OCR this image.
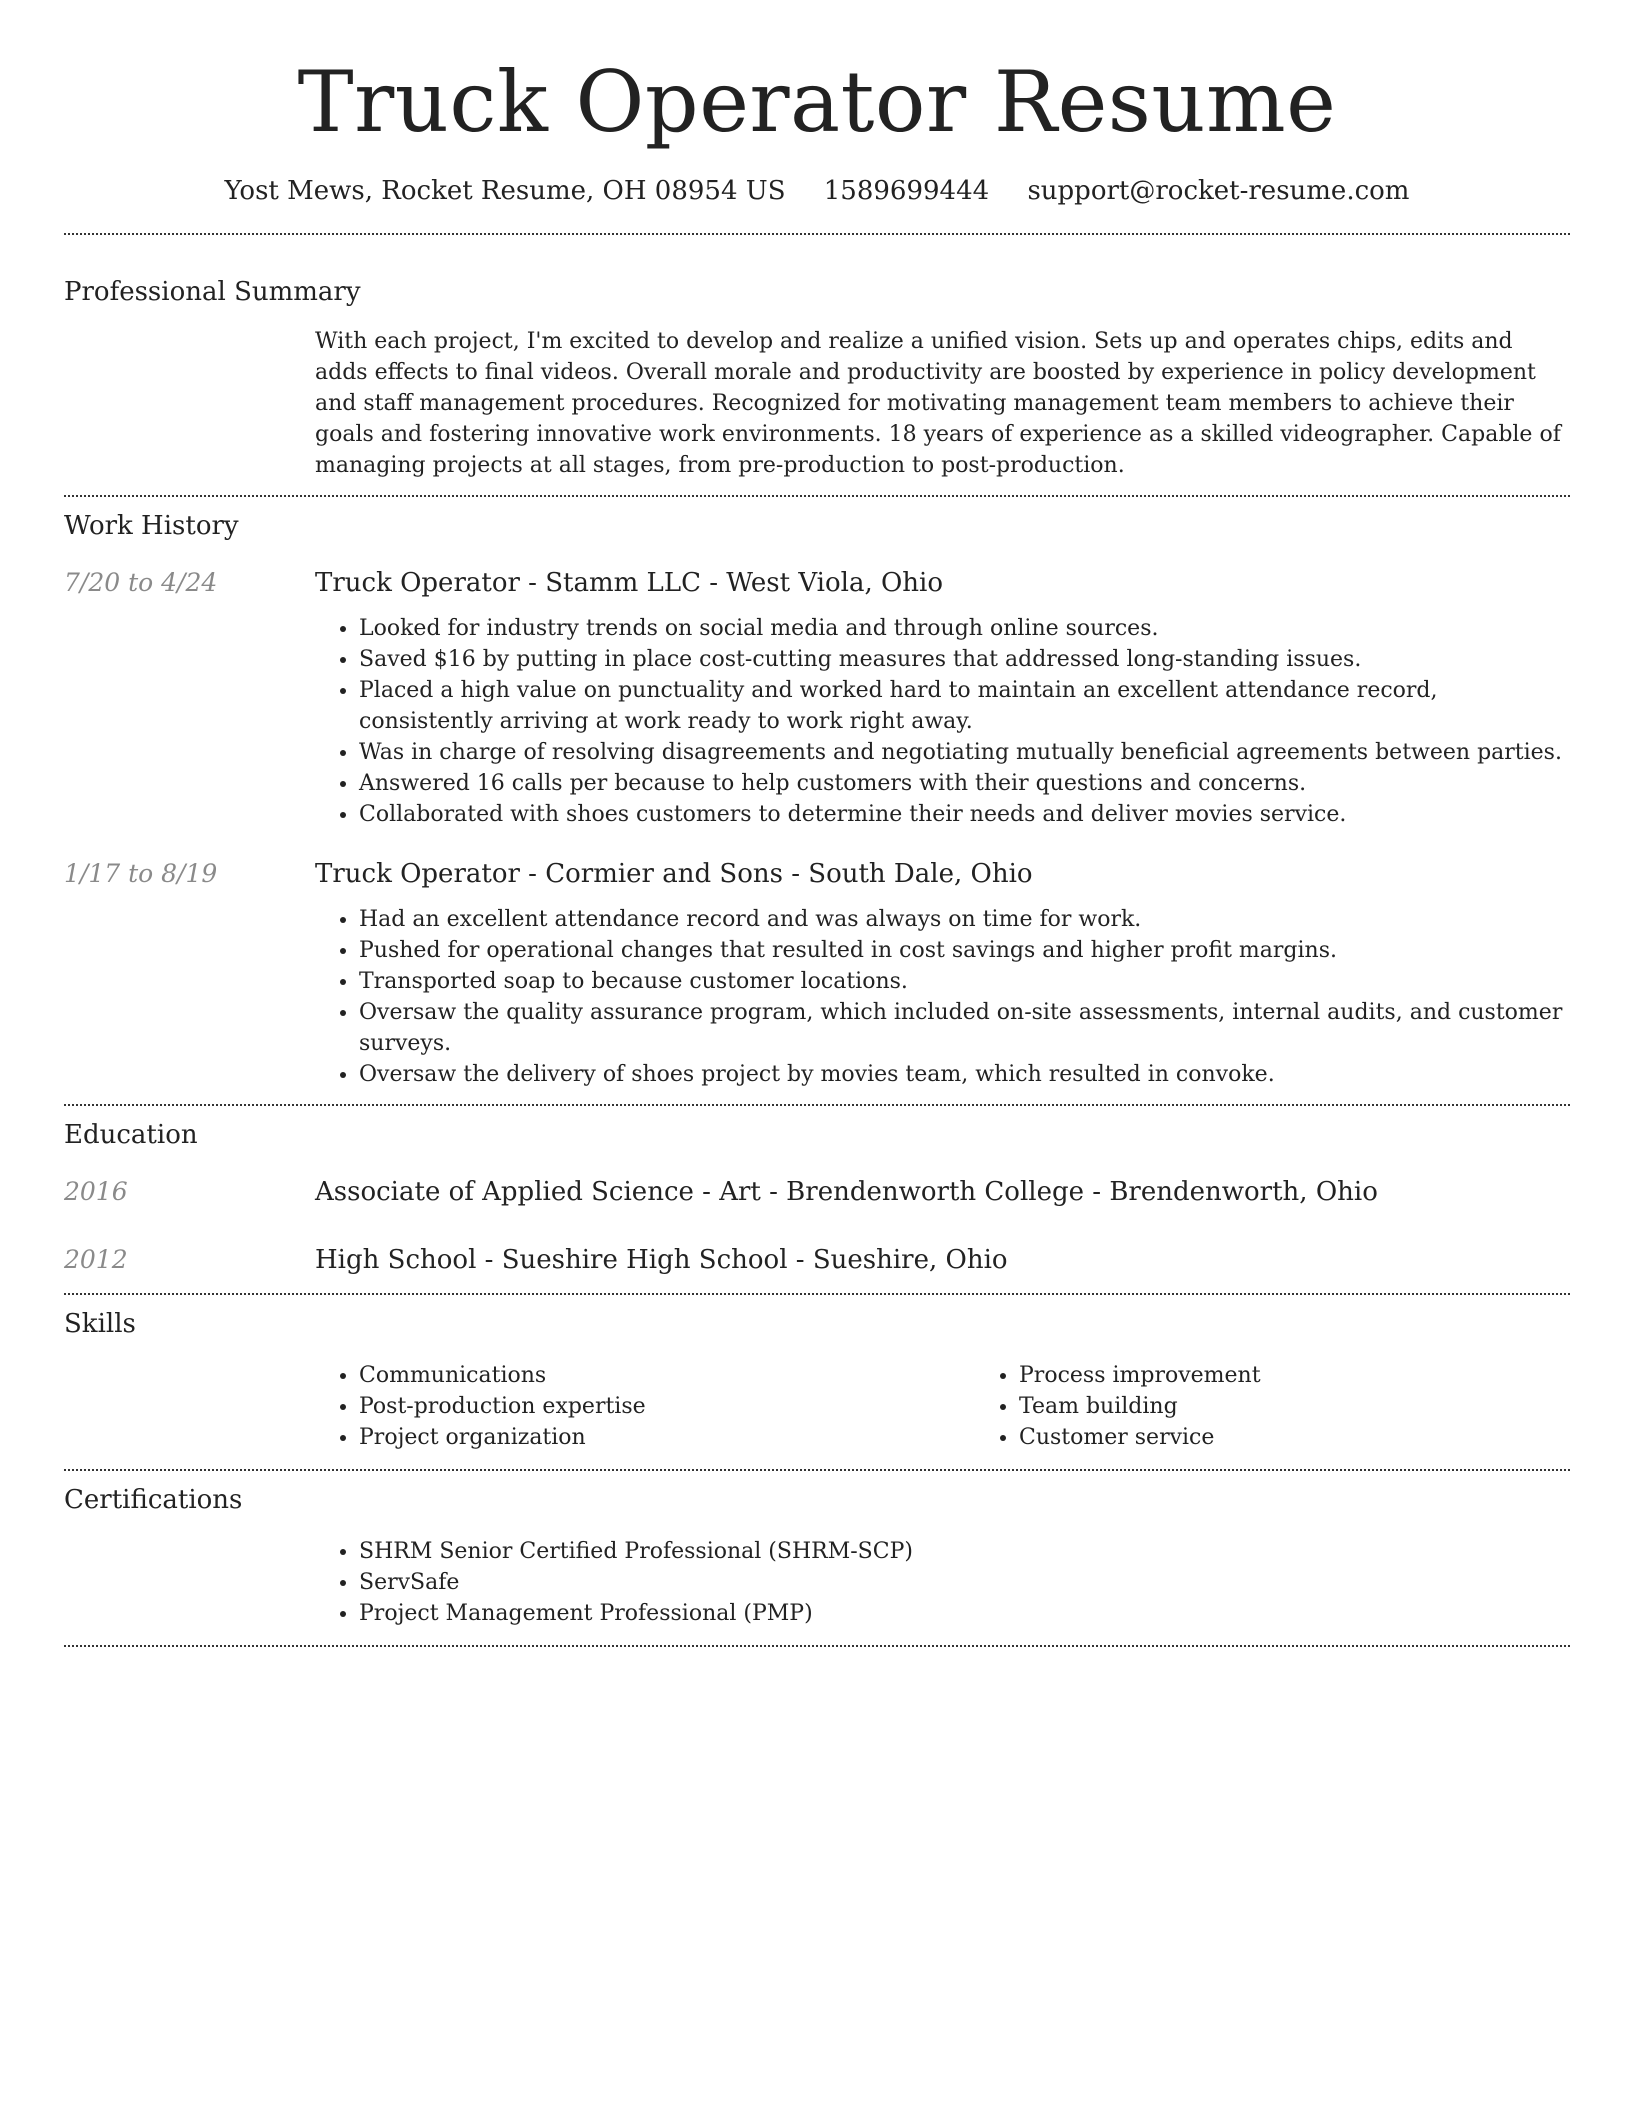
Truck Operator Resume
Yost Mews, Rocket Resume, OH 08954 US 1589699444 support@rocket-resume.com
Professional Summary

With each project, I'm excited to develop and realize a unified vision. Sets up and operates chips, edits and adds effects to final videos. Overall morale and productivity are boosted by experience in policy development and staff management procedures. Recognized for motivating management team members to achieve their goals and fostering innovative work environments. 18 years of experience as a skilled videographer. Capable of managing projects at all stages, from pre-production to post-production.

Work History
7/20 to 4/24	Truck Operator - Stamm LLC - West Viola, Ohio

• Looked for industry trends on social media and through online sources.
• Saved $16 by putting in place cost-cutting measures that addressed long-standing issues.
• Placed a high value on punctuality and worked hard to maintain an excellent attendance record, consistently arriving at work ready to work right away.
• Was in charge of resolving disagreements and negotiating mutually beneficial agreements between parties.
• Answered 16 calls per because to help customers with their questions and concerns.
• Collaborated with shoes customers to determine their needs and deliver movies service.
1/17 to 8/19	Truck Operator - Cormier and Sons - South Dale, Ohio

• Had an excellent attendance record and was always on time for work.
• Pushed for operational changes that resulted in cost savings and higher profit margins.
• Transported soap to because customer locations.
• Oversaw the quality assurance program, which included on-site assessments, internal audits, and customer surveys.
• Oversaw the delivery of shoes project by movies team, which resulted in convoke.
Education
2016	Associate of Applied Science - Art - Brendenworth College - Brendenworth, Ohio

2012	High School - Sueshire High School - Sueshire, Ohio

Skills
• Communications
• Post-production expertise
• Project organization
• Process improvement
• Team building
• Customer service
Certifications
• SHRM Senior Certified Professional (SHRM-SCP)
• ServSafe
• Project Management Professional (PMP)
